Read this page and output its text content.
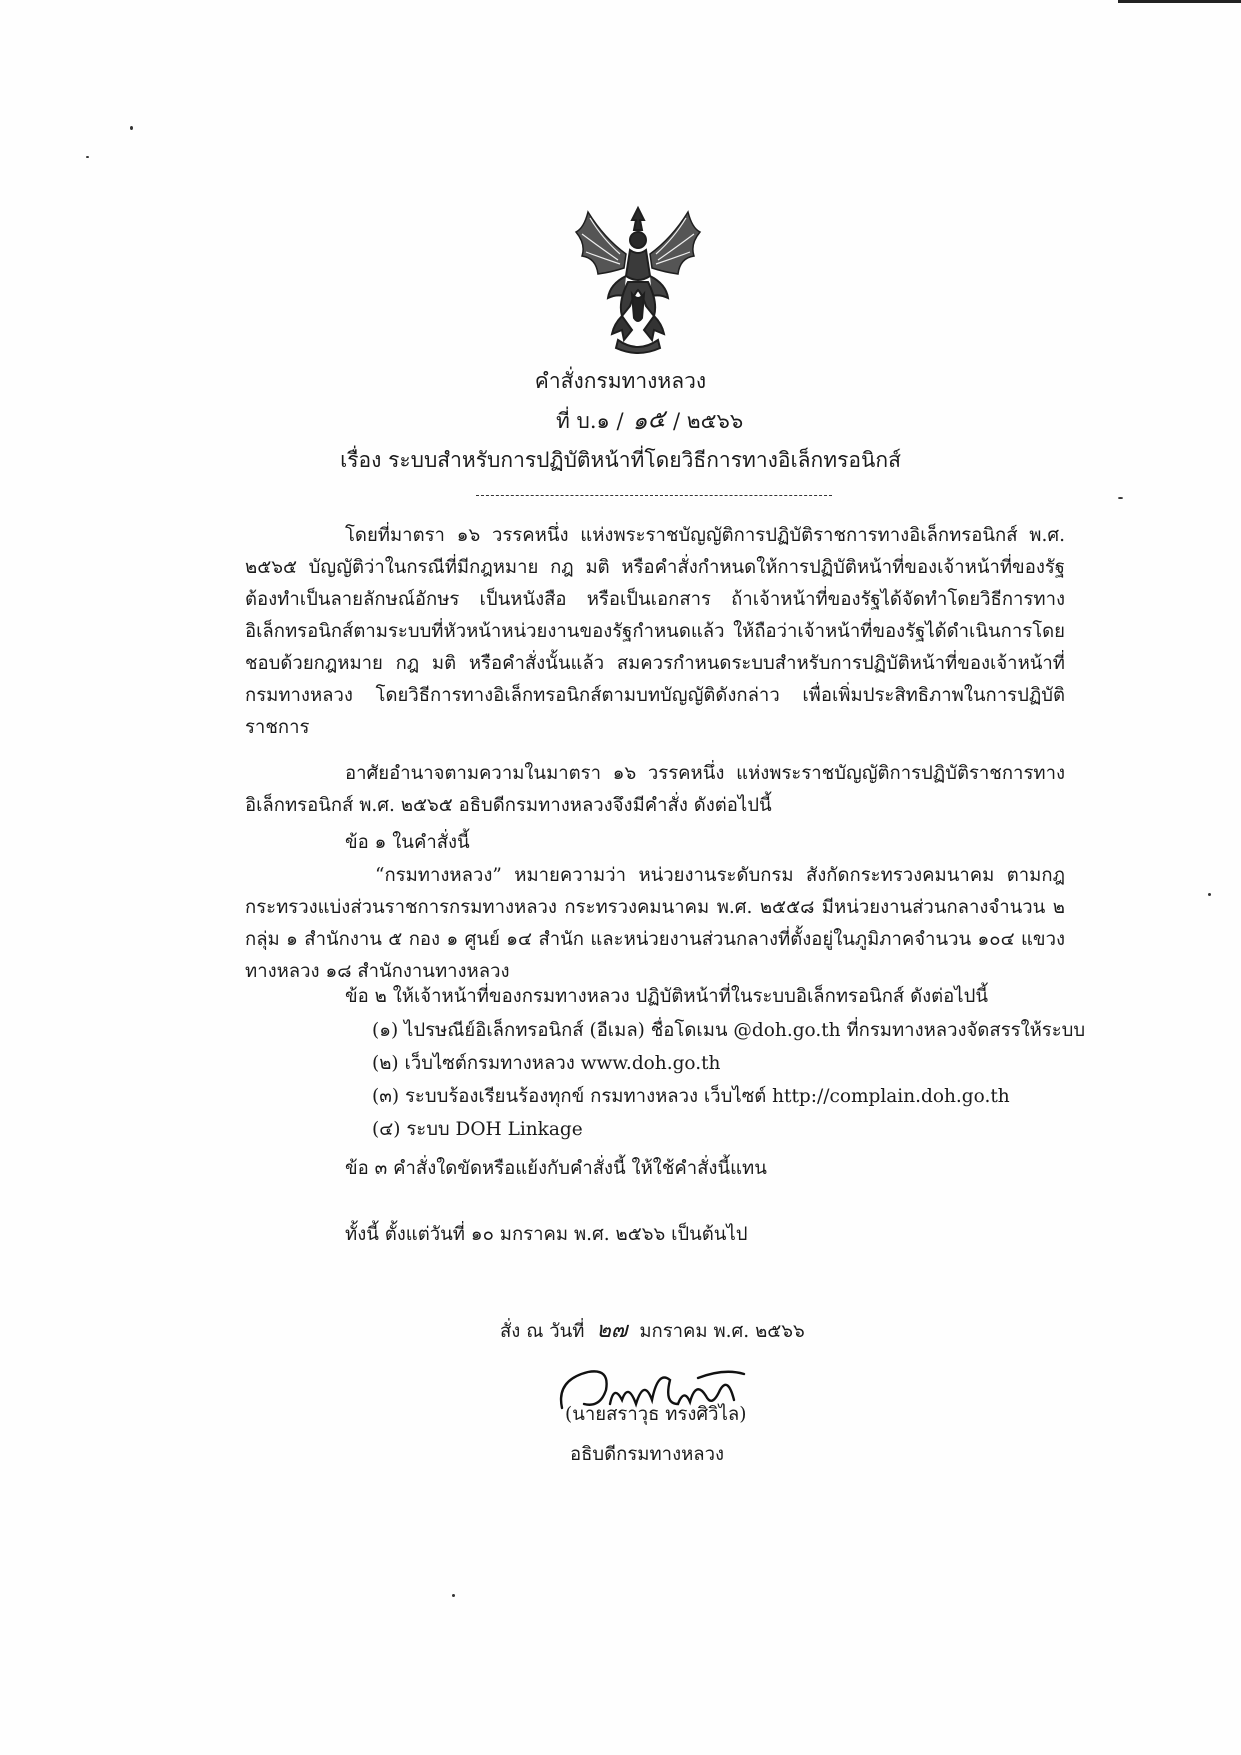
คำสั่งกรมทางหลวง
ที่ บ.๑ / ๑๕ / ๒๕๖๖
เรื่อง ระบบสำหรับการปฏิบัติหน้าที่โดยวิธีการทางอิเล็กทรอนิกส์
โดยที่มาตรา ๑๖ วรรคหนึ่ง แห่งพระราชบัญญัติการปฏิบัติราชการทางอิเล็กทรอนิกส์ พ.ศ. ๒๕๖๕ บัญญัติว่าในกรณีที่มีกฎหมาย กฎ มติ หรือคำสั่งกำหนดให้การปฏิบัติหน้าที่ของเจ้าหน้าที่ของรัฐต้องทำเป็นลายลักษณ์อักษร เป็นหนังสือ หรือเป็นเอกสาร ถ้าเจ้าหน้าที่ของรัฐได้จัดทำโดยวิธีการทางอิเล็กทรอนิกส์ตามระบบที่หัวหน้าหน่วยงานของรัฐกำหนดแล้ว ให้ถือว่าเจ้าหน้าที่ของรัฐได้ดำเนินการโดยชอบด้วยกฎหมาย กฎ มติ หรือคำสั่งนั้นแล้ว สมควรกำหนดระบบสำหรับการปฏิบัติหน้าที่ของเจ้าหน้าที่กรมทางหลวง โดยวิธีการทางอิเล็กทรอนิกส์ตามบทบัญญัติดังกล่าว เพื่อเพิ่มประสิทธิภาพในการปฏิบัติราชการ
อาศัยอำนาจตามความในมาตรา ๑๖ วรรคหนึ่ง แห่งพระราชบัญญัติการปฏิบัติราชการทางอิเล็กทรอนิกส์ พ.ศ. ๒๕๖๕ อธิบดีกรมทางหลวงจึงมีคำสั่ง ดังต่อไปนี้
ข้อ ๑ ในคำสั่งนี้
“กรมทางหลวง” หมายความว่า หน่วยงานระดับกรม สังกัดกระทรวงคมนาคม ตามกฎกระทรวงแบ่งส่วนราชการกรมทางหลวง กระทรวงคมนาคม พ.ศ. ๒๕๕๘ มีหน่วยงานส่วนกลางจำนวน ๒ กลุ่ม ๑ สำนักงาน ๕ กอง ๑ ศูนย์ ๑๔ สำนัก และหน่วยงานส่วนกลางที่ตั้งอยู่ในภูมิภาคจำนวน ๑๐๔ แขวงทางหลวง ๑๘ สำนักงานทางหลวง
ข้อ ๒ ให้เจ้าหน้าที่ของกรมทางหลวง ปฏิบัติหน้าที่ในระบบอิเล็กทรอนิกส์ ดังต่อไปนี้
(๑) ไปรษณีย์อิเล็กทรอนิกส์ (อีเมล) ชื่อโดเมน @doh.go.th ที่กรมทางหลวงจัดสรรให้ระบบ
(๒) เว็บไซต์กรมทางหลวง www.doh.go.th
(๓) ระบบร้องเรียนร้องทุกข์ กรมทางหลวง เว็บไซต์ http://complain.doh.go.th
(๔) ระบบ DOH Linkage
ข้อ ๓ คำสั่งใดขัดหรือแย้งกับคำสั่งนี้ ให้ใช้คำสั่งนี้แทน
ทั้งนี้ ตั้งแต่วันที่ ๑๐ มกราคม พ.ศ. ๒๕๖๖ เป็นต้นไป
สั่ง ณ วันที่ ๒๗ มกราคม พ.ศ. ๒๕๖๖
(นายสราวุธ ทรงศิวิไล)
อธิบดีกรมทางหลวง
